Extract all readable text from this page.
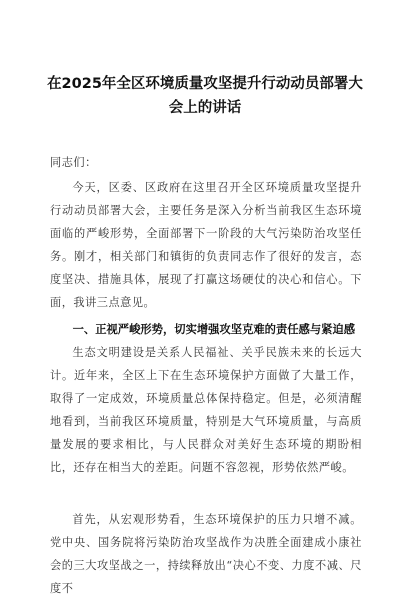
在2025年全区环境质量攻坚提升行动动员部署大会上的讲话
同志们：
今天，区委、区政府在这里召开全区环境质量攻坚提升行动动员部署大会，主要任务是深入分析当前我区生态环境面临的严峻形势，全面部署下一阶段的大气污染防治攻坚任务。刚才，相关部门和镇街的负责同志作了很好的发言，态度坚决、措施具体，展现了打赢这场硬仗的决心和信心。下面，我讲三点意见。
一、正视严峻形势，切实增强攻坚克难的责任感与紧迫感
生态文明建设是关系人民福祉、关乎民族未来的长远大计。近年来，全区上下在生态环境保护方面做了大量工作，取得了一定成效，环境质量总体保持稳定。但是，必须清醒地看到，当前我区环境质量，特别是大气环境质量，与高质量发展的要求相比，与人民群众对美好生态环境的期盼相比，还存在相当大的差距。问题不容忽视，形势依然严峻。
首先，从宏观形势看，生态环境保护的压力只增不减。党中央、国务院将污染防治攻坚战作为决胜全面建成小康社会的三大攻坚战之一，持续释放出“决心不变、力度不减、尺度不
